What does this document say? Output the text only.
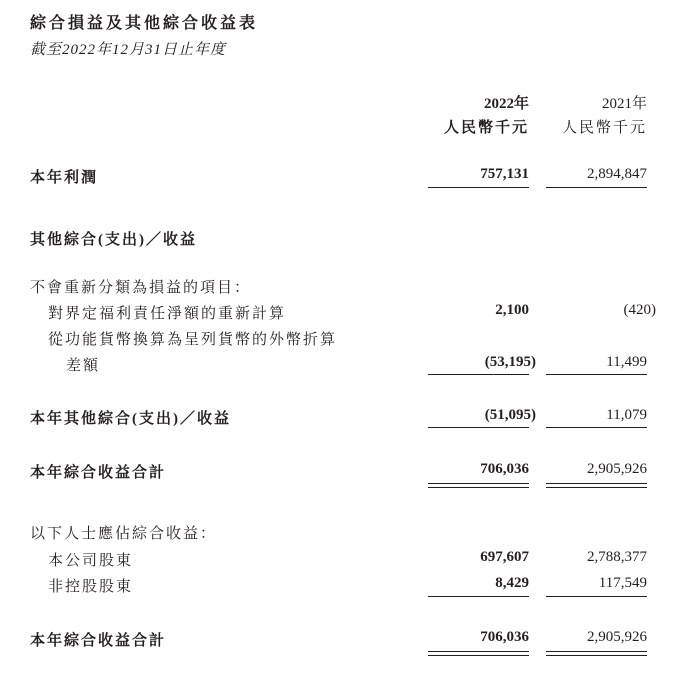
綜合損益及其他綜合收益表
截至2022年12月31日止年度
2022年	2021年
人民幣千元 人民幣千元
本年利潤	757,131	2,894,847
其他綜合(支出)／收益
不會重新分類為損益的項目：
對界定福利責任淨額的重新計算	2,100	(420)
從功能貨幣換算為呈列貨幣的外幣折算
差額	(53,195)	11,499
本年其他綜合(支出)／收益	(51,095)	11,079
本年綜合收益合計	706,036	2,905,926
以下人士應佔綜合收益：
本公司股東	697,607	2,788,377
非控股股東	8,429	117,549
本年綜合收益合計	706,036	2,905,926
